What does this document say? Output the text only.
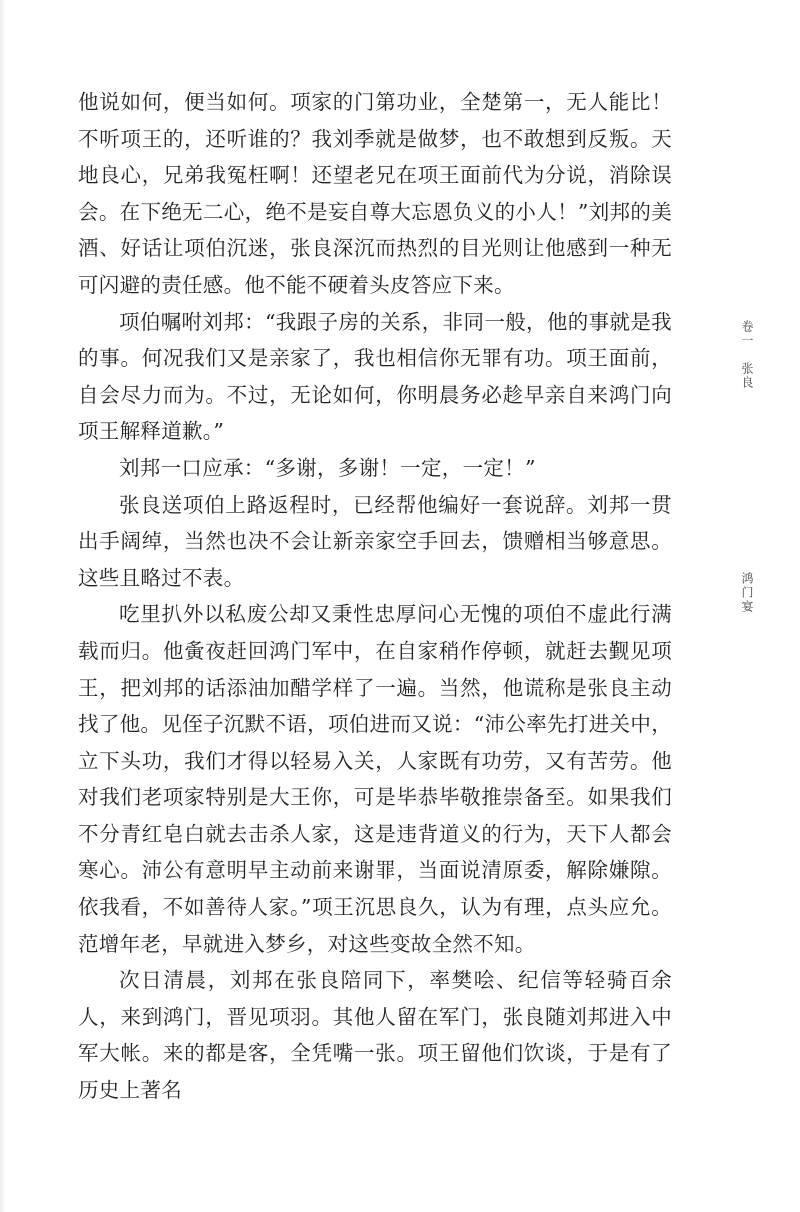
他说如何，便当如何。项家的门第功业，全楚第一，无人能比！不听项王的，还听谁的？我刘季就是做梦，也不敢想到反叛。天地良心，兄弟我冤枉啊！还望老兄在项王面前代为分说，消除误会。在下绝无二心，绝不是妄自尊大忘恩负义的小人！”刘邦的美酒、好话让项伯沉迷，张良深沉而热烈的目光则让他感到一种无可闪避的责任感。他不能不硬着头皮答应下来。

项伯嘱咐刘邦：“我跟子房的关系，非同一般，他的事就是我的事。何况我们又是亲家了，我也相信你无罪有功。项王面前，自会尽力而为。不过，无论如何，你明晨务必趁早亲自来鸿门向项王解释道歉。”

刘邦一口应承：“多谢，多谢！一定，一定！”

张良送项伯上路返程时，已经帮他编好一套说辞。刘邦一贯出手阔绰，当然也决不会让新亲家空手回去，馈赠相当够意思。这些且略过不表。

吃里扒外以私废公却又秉性忠厚问心无愧的项伯不虚此行满载而归。他夤夜赶回鸿门军中，在自家稍作停顿，就赶去觐见项王，把刘邦的话添油加醋学样了一遍。当然，他谎称是张良主动找了他。见侄子沉默不语，项伯进而又说：“沛公率先打进关中，立下头功，我们才得以轻易入关，人家既有功劳，又有苦劳。他对我们老项家特别是大王你，可是毕恭毕敬推崇备至。如果我们不分青红皂白就去击杀人家，这是违背道义的行为，天下人都会寒心。沛公有意明早主动前来谢罪，当面说清原委，解除嫌隙。依我看，不如善待人家。”项王沉思良久，认为有理，点头应允。范增年老，早就进入梦乡，对这些变故全然不知。

次日清晨，刘邦在张良陪同下，率樊哙、纪信等轻骑百余人，来到鸿门，晋见项羽。其他人留在军门，张良随刘邦进入中军大帐。来的都是客，全凭嘴一张。项王留他们饮谈，于是有了历史上著名

卷一　张良
鸿门宴
